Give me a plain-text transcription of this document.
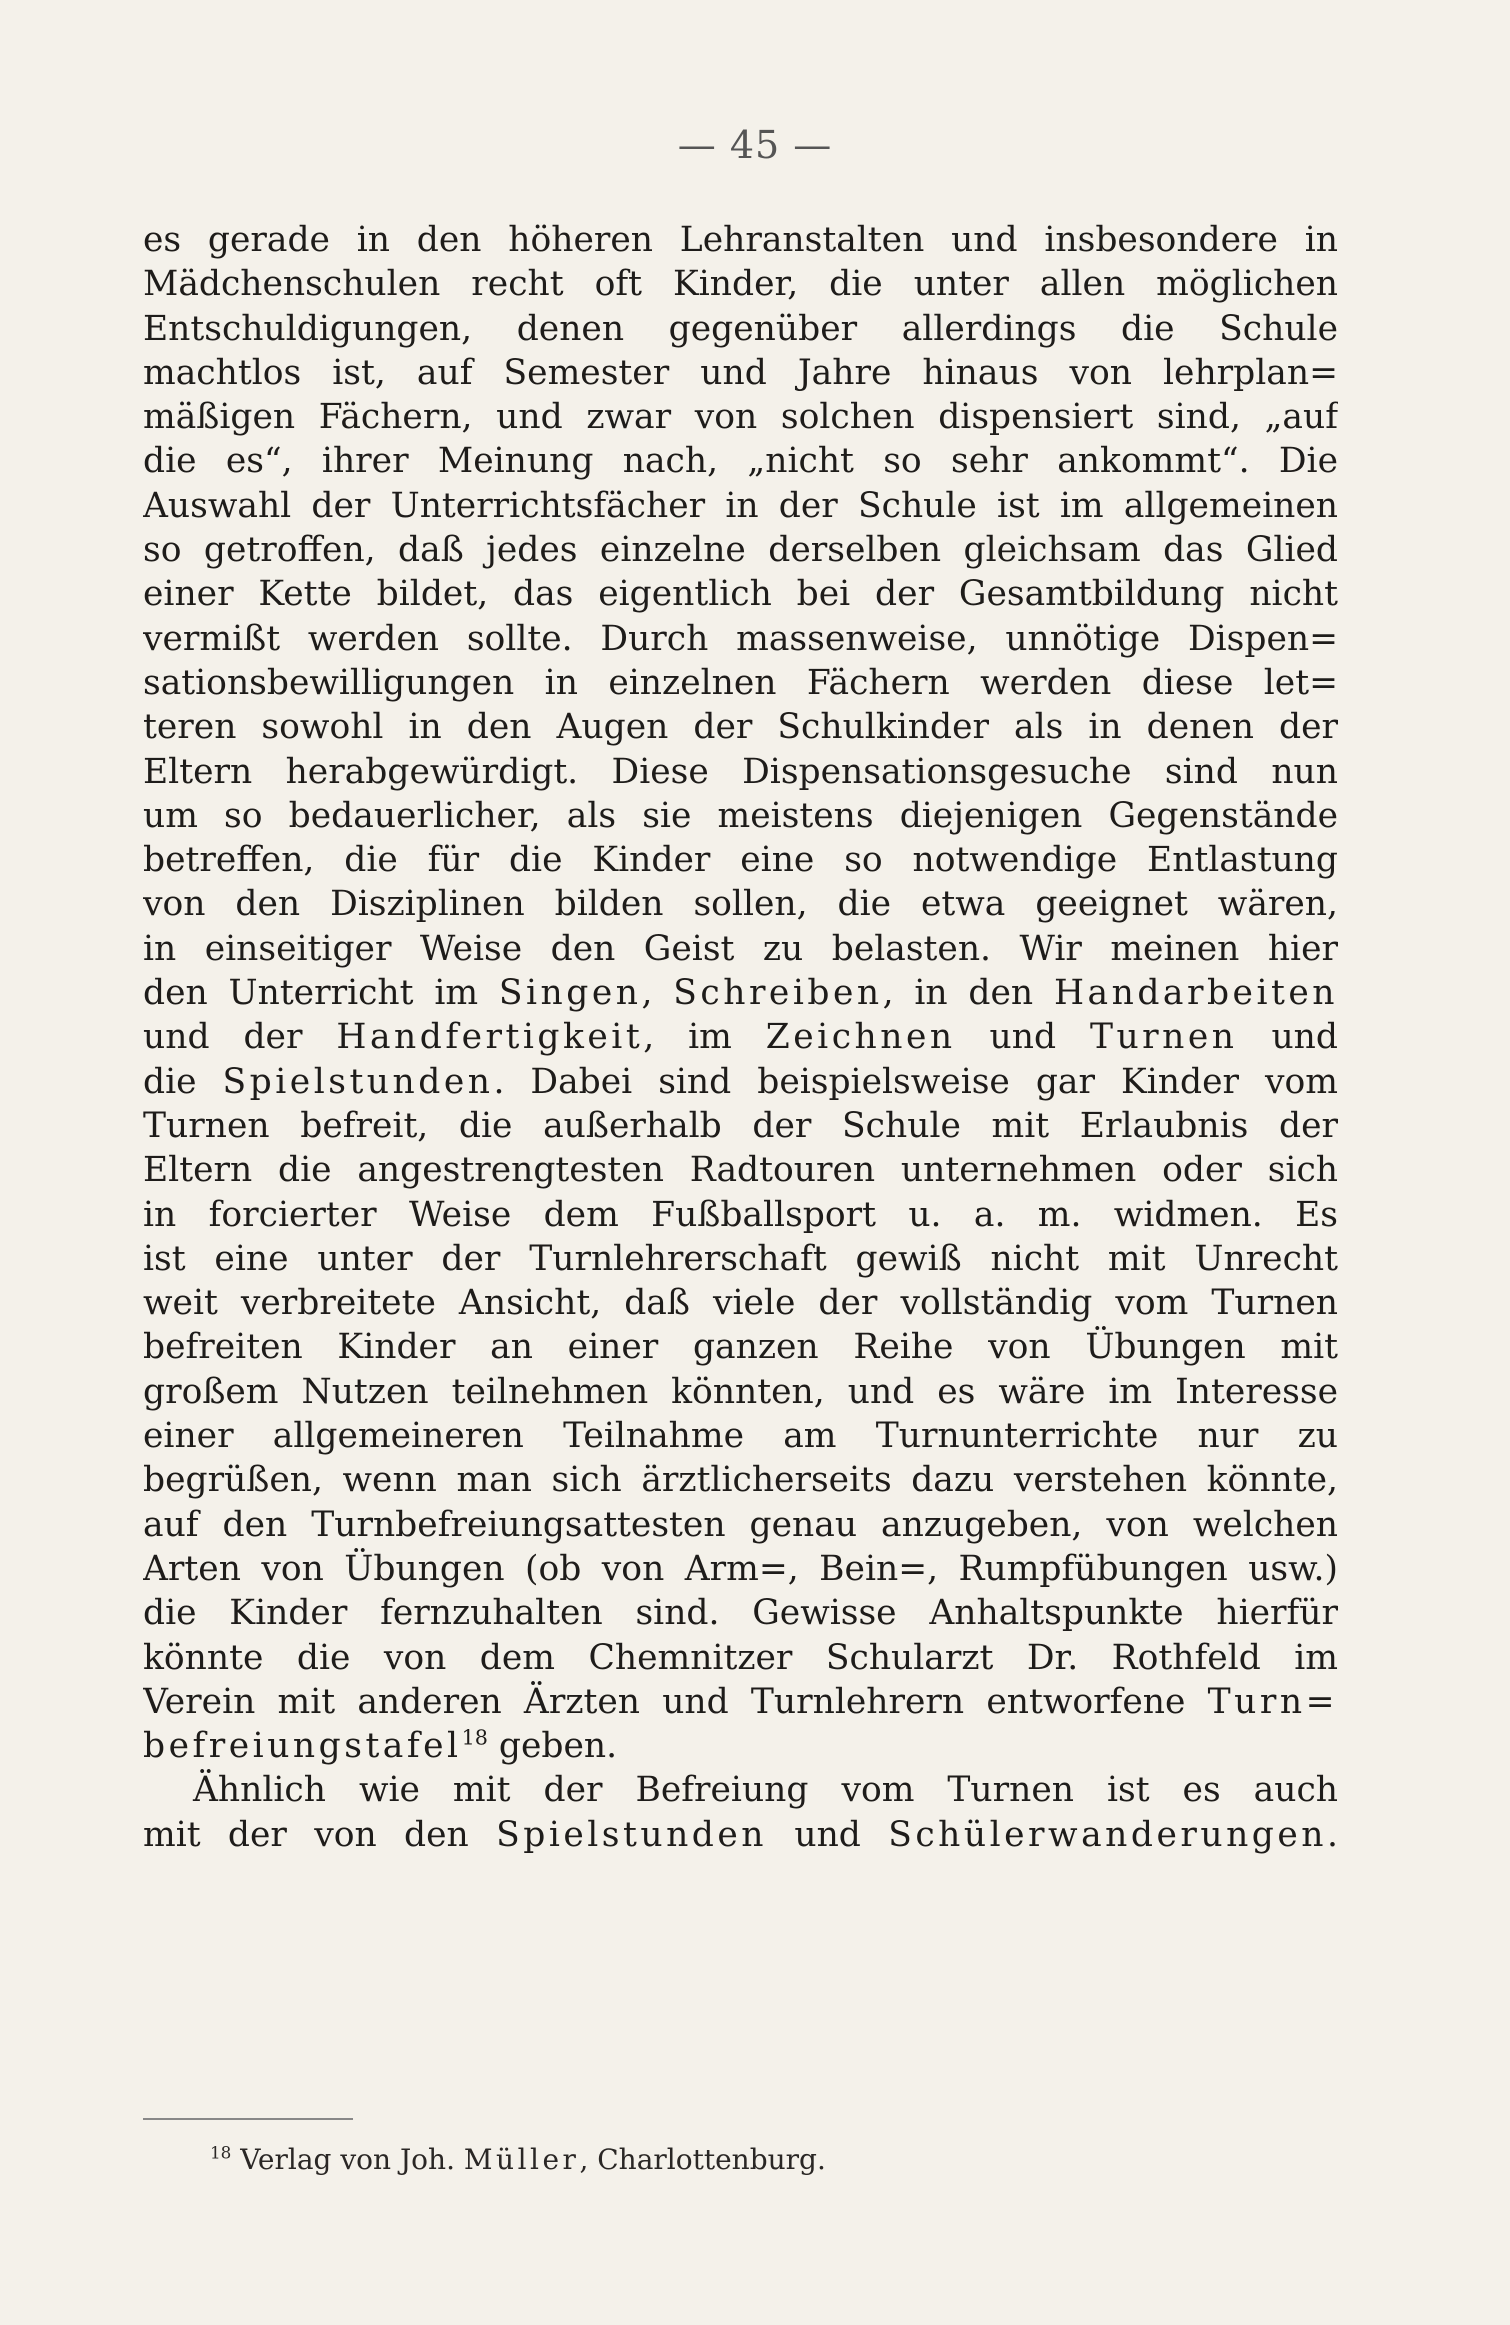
— 45 —
es gerade in den höheren Lehranstalten und insbesondere in
Mädchenschulen recht oft Kinder, die unter allen möglichen
Entschuldigungen, denen gegenüber allerdings die Schule
machtlos ist, auf Semester und Jahre hinaus von lehrplan=
mäßigen Fächern, und zwar von solchen dispensiert sind, „auf
die es“, ihrer Meinung nach, „nicht so sehr ankommt“. Die
Auswahl der Unterrichtsfächer in der Schule ist im allgemeinen
so getroffen, daß jedes einzelne derselben gleichsam das Glied
einer Kette bildet, das eigentlich bei der Gesamtbildung nicht
vermißt werden sollte. Durch massenweise, unnötige Dispen=
sationsbewilligungen in einzelnen Fächern werden diese let=
teren sowohl in den Augen der Schulkinder als in denen der
Eltern herabgewürdigt. Diese Dispensationsgesuche sind nun
um so bedauerlicher, als sie meistens diejenigen Gegenstände
betreffen, die für die Kinder eine so notwendige Entlastung
von den Disziplinen bilden sollen, die etwa geeignet wären,
in einseitiger Weise den Geist zu belasten. Wir meinen hier
den Unterricht im Singen, Schreiben, in den Handarbeiten
und der Handfertigkeit, im Zeichnen und Turnen und
die Spielstunden. Dabei sind beispielsweise gar Kinder vom
Turnen befreit, die außerhalb der Schule mit Erlaubnis der
Eltern die angestrengtesten Radtouren unternehmen oder sich
in forcierter Weise dem Fußballsport u. a. m. widmen. Es
ist eine unter der Turnlehrerschaft gewiß nicht mit Unrecht
weit verbreitete Ansicht, daß viele der vollständig vom Turnen
befreiten Kinder an einer ganzen Reihe von Übungen mit
großem Nutzen teilnehmen könnten, und es wäre im Interesse
einer allgemeineren Teilnahme am Turnunterrichte nur zu
begrüßen, wenn man sich ärztlicherseits dazu verstehen könnte,
auf den Turnbefreiungsattesten genau anzugeben, von welchen
Arten von Übungen (ob von Arm=, Bein=, Rumpfübungen usw.)
die Kinder fernzuhalten sind. Gewisse Anhaltspunkte hierfür
könnte die von dem Chemnitzer Schularzt Dr. Rothfeld im
Verein mit anderen Ärzten und Turnlehrern entworfene Turn=
befreiungstafel$^{18}$ geben.
Ähnlich wie mit der Befreiung vom Turnen ist es auch
mit der von den Spielstunden und Schülerwanderungen.
$^{18}$ Verlag von Joh. Müller, Charlottenburg.
